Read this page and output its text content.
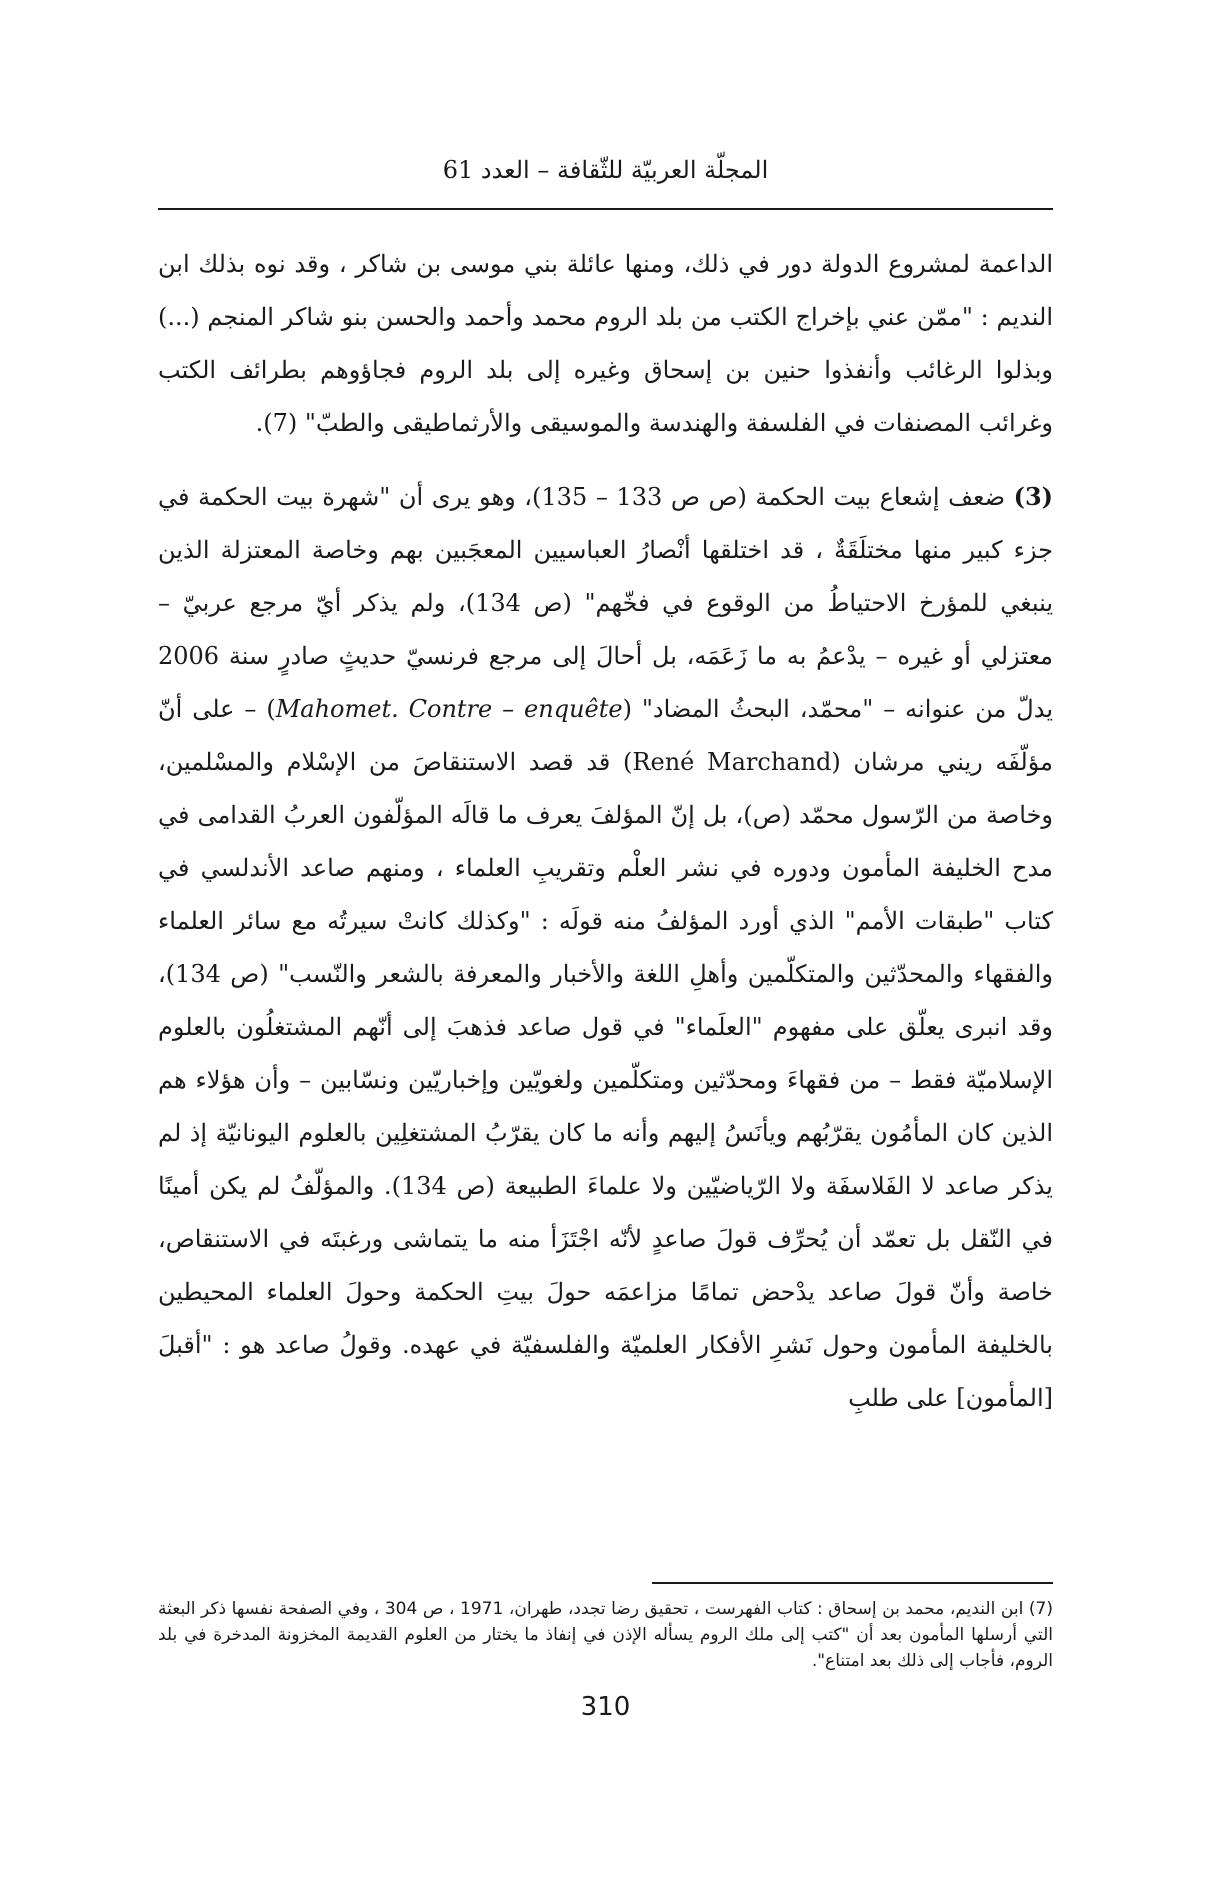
المجلّة العربيّة للثّقافة – العدد 61

الداعمة لمشروع الدولة دور في ذلك، ومنها عائلة بني موسى بن شاكر ، وقد نوه بذلك ابن النديم : "ممّن عني بإخراج الكتب من بلد الروم محمد وأحمد والحسن بنو شاكر المنجم (...) وبذلوا الرغائب وأنفذوا حنين بن إسحاق وغيره إلى بلد الروم فجاؤوهم بطرائف الكتب وغرائب المصنفات في الفلسفة والهندسة والموسيقى والأرثماطيقى والطبّ" (7).

(3) ضعف إشعاع بيت الحكمة (ص ص 133 – 135)، وهو يرى أن "شهرة بيت الحكمة في جزء كبير منها مختلَقَةٌ ، قد اختلقها أنْصارُ العباسيين المعجَبين بهم وخاصة المعتزلة الذين ينبغي للمؤرخ الاحتياطُ من الوقوع في فخّهم" (ص 134)، ولم يذكر أيّ مرجع عربيّ – معتزلي أو غيره – يدْعمُ به ما زَعَمَه، بل أحالَ إلى مرجع فرنسيّ حديثٍ صادرٍ سنة 2006 يدلّ من عنوانه – "محمّد، البحثُ المضاد" (Mahomet. Contre – enquête) – على أنّ مؤلّفَه ريني مرشان (René Marchand) قد قصد الاستنقاصَ من الإسْلام والمسْلمين، وخاصة من الرّسول محمّد (ص)، بل إنّ المؤلفَ يعرف ما قالَه المؤلّفون العربُ القدامى في مدح الخليفة المأمون ودوره في نشر العلْم وتقريبِ العلماء ، ومنهم صاعد الأندلسي في كتاب "طبقات الأمم" الذي أورد المؤلفُ منه قولَه : "وكذلك كانتْ سيرتُه مع سائر العلماء والفقهاء والمحدّثين والمتكلّمين وأهلِ اللغة والأخبار والمعرفة بالشعر والنّسب" (ص 134)، وقد انبرى يعلّق على مفهوم "العلَماء" في قول صاعد فذهبَ إلى أنّهم المشتغلُون بالعلوم الإسلاميّة فقط – من فقهاءَ ومحدّثين ومتكلّمين ولغويّين وإخباريّين ونسّابين – وأن هؤلاء هم الذين كان المأمُون يقرّبُهم ويأنَسُ إليهم وأنه ما كان يقرّبُ المشتغلِين بالعلوم اليونانيّة إذ لم يذكر صاعد لا الفَلاسفَة ولا الرّياضيّين ولا علماءَ الطبيعة (ص 134). والمؤلّفُ لم يكن أمينًا في النّقل بل تعمّد أن يُحرِّف قولَ صاعدٍ لأنّه اجْتَزَأ منه ما يتماشى ورغبتَه في الاستنقاص، خاصة وأنّ قولَ صاعد يدْحض تمامًا مزاعمَه حولَ بيتِ الحكمة وحولَ العلماء المحيطين بالخليفة المأمون وحول نَشرِ الأفكار العلميّة والفلسفيّة في عهده. وقولُ صاعد هو : "أقبلَ [المأمون] على طلبِ

(7) ابن النديم، محمد بن إسحاق : كتاب الفهرست ، تحقيق رضا تجدد، طهران، 1971 ، ص 304 ، وفي الصفحة نفسها ذكر البعثة التي أرسلها المأمون بعد أن "كتب إلى ملك الروم يسأله الإذن في إنفاذ ما يختار من العلوم القديمة المخزونة المدخرة في بلد الروم، فأجاب إلى ذلك بعد امتناع".
310
